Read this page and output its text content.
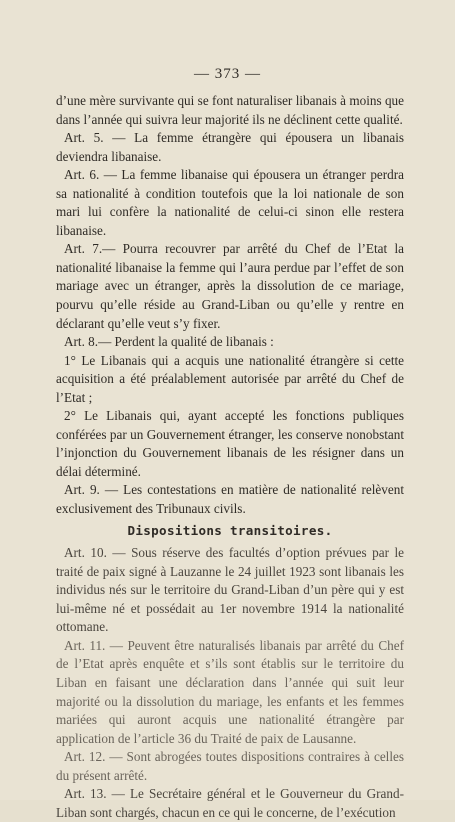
— 373 —

d’une mère survivante qui se font naturaliser libanais à moins que dans l’année qui suivra leur majorité ils ne déclinent cette qualité.

Art. 5. — La femme étrangère qui épousera un libanais deviendra libanaise.

Art. 6. — La femme libanaise qui épousera un étranger perdra sa nationalité à condition toutefois que la loi nationale de son mari lui confère la nationalité de celui-ci sinon elle restera libanaise.

Art. 7.— Pourra recouvrer par arrêté du Chef de l’Etat la nationalité libanaise la femme qui l’aura perdue par l’effet de son mariage avec un étranger, après la dissolution de ce mariage, pourvu qu’elle réside au Grand-Liban ou qu’elle y rentre en déclarant qu’elle veut s’y fixer.

Art. 8.— Perdent la qualité de libanais :

1° Le Libanais qui a acquis une nationalité étrangère si cette acquisition a été préalablement autorisée par arrêté du Chef de l’Etat ;

2° Le Libanais qui, ayant accepté les fonctions publiques conférées par un Gouvernement étranger, les conserve nonobstant l’injonction du Gouvernement libanais de les résigner dans un délai déterminé.

Art. 9. — Les contestations en matière de nationalité relèvent exclusivement des Tribunaux civils.

Dispositions transitoires.

Art. 10. — Sous réserve des facultés d’option prévues par le traité de paix signé à Lauzanne le 24 juillet 1923 sont libanais les individus nés sur le territoire du Grand-Liban d’un père qui y est lui-même né et possédait au 1er novembre 1914 la nationalité ottomane.

Art. 11. — Peuvent être naturalisés libanais par arrêté du Chef de l’Etat après enquête et s’ils sont établis sur le territoire du Liban en faisant une déclaration dans l’année qui suit leur majorité ou la dissolution du mariage, les enfants et les femmes mariées qui auront acquis une nationalité étrangère par application de l’article 36 du Traité de paix de Lausanne.

Art. 12. — Sont abrogées toutes dispositions contraires à celles du présent arrêté.

Art. 13. — Le Secrétaire général et le Gouverneur du Grand-Liban sont chargés, chacun en ce qui le concerne, de l’exécution
